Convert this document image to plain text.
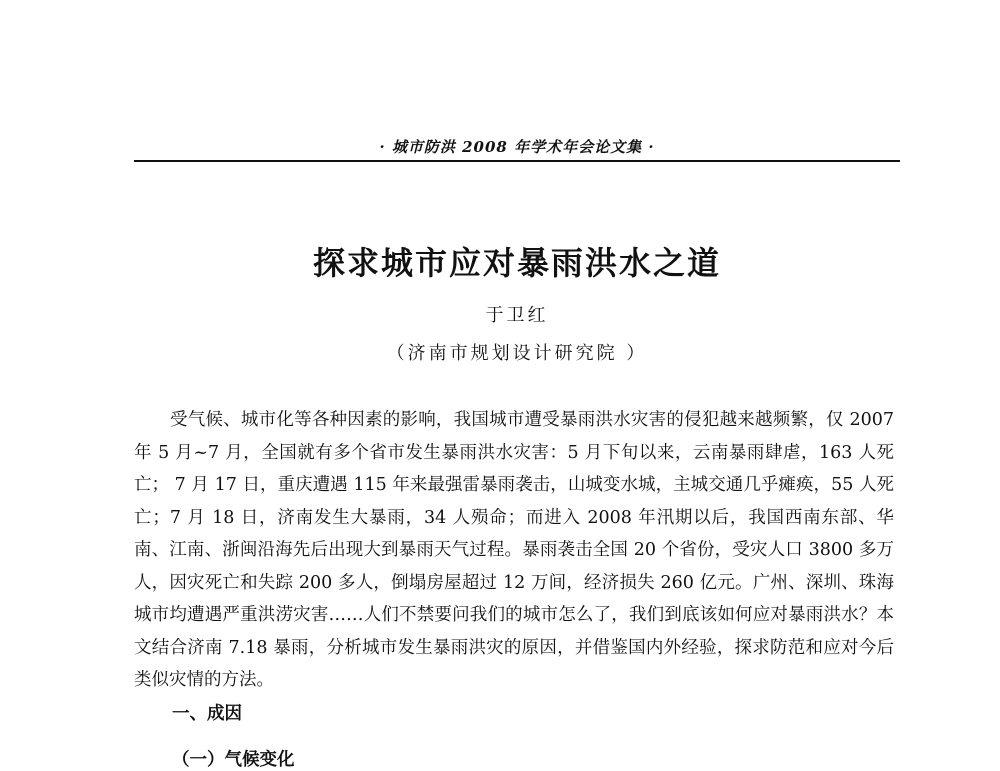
· 城市防洪 2008 年学术年会论文集 ·
探求城市应对暴雨洪水之道
于卫红
（济南市规划设计研究院 ）

受气候、城市化等各种因素的影响，我国城市遭受暴雨洪水灾害的侵犯越来越频繁，仅 2007 年 5 月~7 月，全国就有多个省市发生暴雨洪水灾害：5 月下旬以来，云南暴雨肆虐，163 人死亡； 7 月 17 日，重庆遭遇 115 年来最强雷暴雨袭击，山城变水城，主城交通几乎瘫痪，55 人死亡；7 月 18 日，济南发生大暴雨，34 人殒命；而进入 2008 年汛期以后，我国西南东部、华南、江南、浙闽沿海先后出现大到暴雨天气过程。暴雨袭击全国 20 个省份，受灾人口 3800 多万人，因灾死亡和失踪 200 多人，倒塌房屋超过 12 万间，经济损失 260 亿元。广州、深圳、珠海城市均遭遇严重洪涝灾害……人们不禁要问我们的城市怎么了，我们到底该如何应对暴雨洪水？本文结合济南 7.18 暴雨，分析城市发生暴雨洪灾的原因，并借鉴国内外经验，探求防范和应对今后类似灾情的方法。

一、成因
（一）气候变化
